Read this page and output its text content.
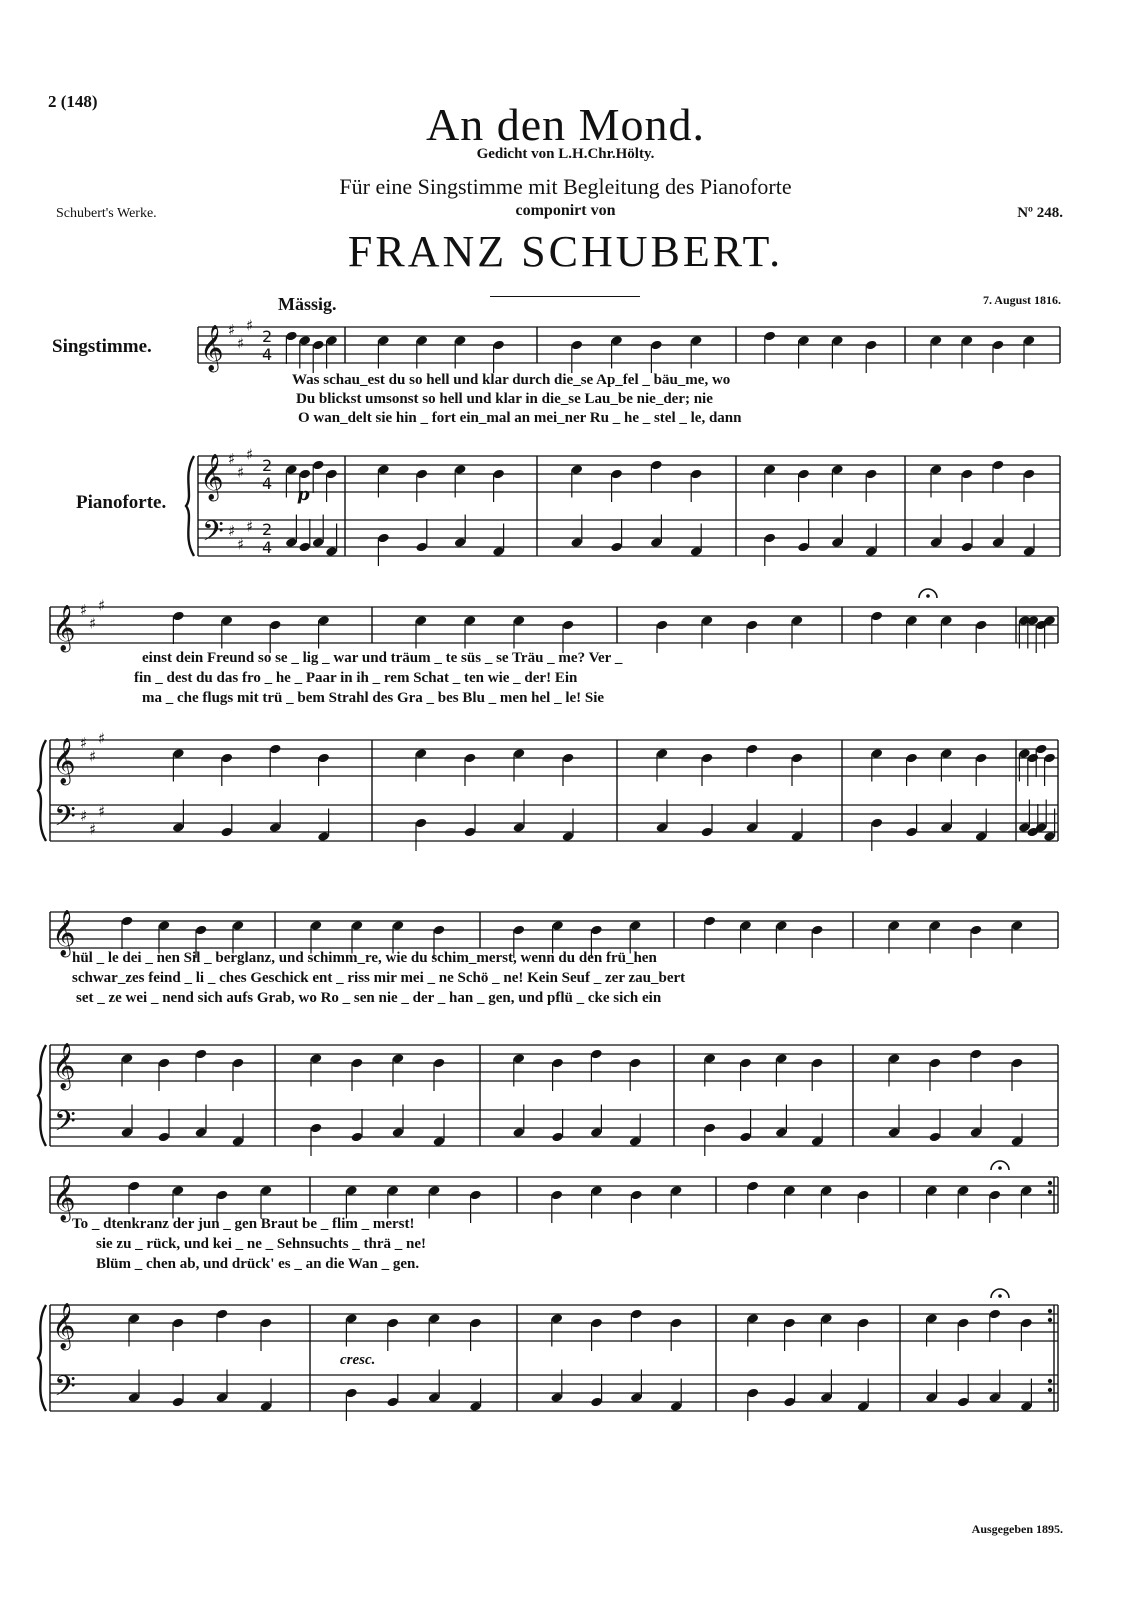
2 (148)	An den Mond.
Gedicht von L.H.Chr.Hölty.
Für eine Singstimme mit Begleitung des Pianoforte
Schubert's Werke.	componirt von	Nº 248.
FRANZ SCHUBERT.
Mässig.	7. August 1816.
Singstimme.
Pianoforte.
𝄞
𝄞
𝄢
♯
♯
♯
♯
♯
♯
♯
♯
♯
𝄞
𝄞
𝄢
♯
♯
♯
♯
♯
♯
♯
♯
♯
𝄞
𝄞
𝄢
𝄞
𝄞
𝄢
2
4
2
4
2
4
p
Was schau_est du so hell und klar durch die_se Ap_fel _ bäu_me, wo
Du blickst umsonst so hell und klar in die_se Lau_be nie_der; nie
O wan_delt sie hin _ fort ein_mal an mei_ner Ru _ he _ stel _ le, dann
einst dein Freund so se _ lig _ war und träum _ te süs _ se Träu _ me? Ver _
fin _ dest du das fro _ he _ Paar in ih _ rem Schat _ ten wie _ der! Ein
ma _ che flugs mit trü _ bem Strahl des Gra _ bes Blu _ men hel _ le! Sie
hül _ le dei _ nen Sil _ berglanz, und schimm_re, wie du schim_merst, wenn du den frü_hen
schwar_zes feind _ li _ ches Geschick ent _ riss mir mei _ ne Schö _ ne! Kein Seuf _ zer zau_bert
set _ ze wei _ nend sich aufs Grab, wo Ro _ sen nie _ der _ han _ gen, und pflü _ cke sich ein
To _ dtenkranz der jun _ gen Braut be _ flim _ merst!
sie zu _ rück, und kei _ ne _ Sehnsuchts _ thrä _ ne!
Blüm _ chen ab, und drück' es _ an die Wan _ gen.
cresc.
Ausgegeben 1895.
